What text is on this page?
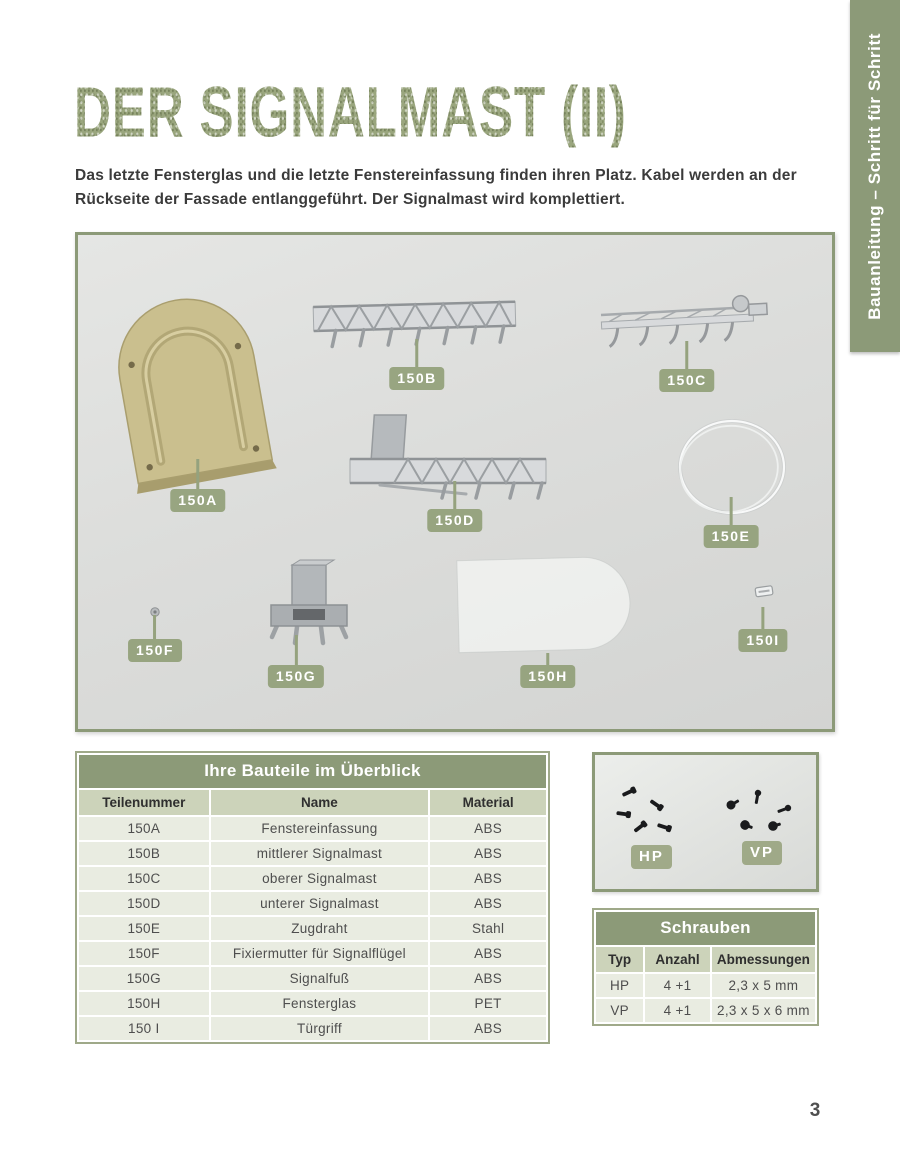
Bauanleitung – Schritt für Schritt
DER SIGNALMAST (II)

Das letzte Fensterglas und die letzte Fenstereinfassung finden ihren Platz. Kabel werden an der Rückseite der Fassade entlanggeführt. Der Signalmast wird komplettiert.

150A
150B	150C
150D
150E
150F
150G	150H
150I
Ihre Bauteile im Überblick
Teilenummer	Name	Material
150A	Fenstereinfassung	ABS
150B	mittlerer Signalmast	ABS
150C	oberer Signalmast	ABS
150D	unterer Signalmast	ABS
150E	Zugdraht	Stahl
150F	Fixiermutter für Signalflügel	ABS
150G	Signalfuß	ABS
150H	Fensterglas	PET
150 I	Türgriff	ABS
HP	VP
Schrauben
Typ	Anzahl	Abmessungen
HP	4 +1	2,3 x 5 mm
VP	4 +1	2,3 x 5 x 6 mm
3
